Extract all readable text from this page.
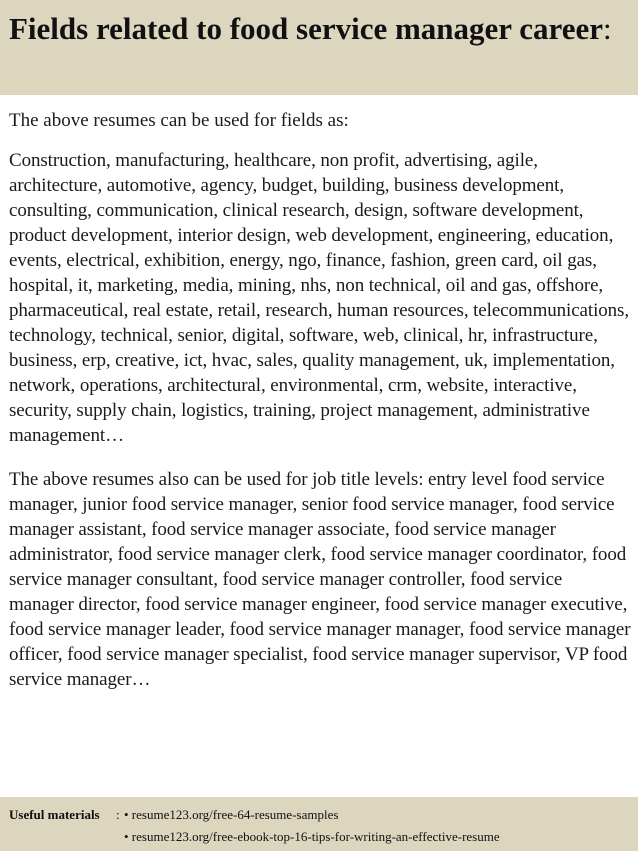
Fields related to food service manager career:

The above resumes can be used for fields as:

Construction, manufacturing, healthcare, non profit, advertising, agile, architecture, automotive, agency, budget, building, business development, consulting, communication, clinical research, design, software development, product development, interior design, web development, engineering, education, events, electrical, exhibition, energy, ngo, finance, fashion, green card, oil gas, hospital, it, marketing, media, mining, nhs, non technical, oil and gas, offshore, pharmaceutical, real estate, retail, research, human resources, telecommunications, technology, technical, senior, digital, software, web, clinical, hr, infrastructure, business, erp, creative, ict, hvac, sales, quality management, uk, implementation, network, operations, architectural, environmental, crm, website, interactive, security, supply chain, logistics, training, project management, administrative management…

The above resumes also can be used for job title levels: entry level food service manager, junior food service manager, senior food service manager, food service manager assistant, food service manager associate, food service manager administrator, food service manager clerk, food service manager coordinator, food service manager consultant, food service manager controller, food service manager director, food service manager engineer, food service manager executive, food service manager leader, food service manager manager, food service manager officer, food service manager specialist, food service manager supervisor, VP food service manager…

Useful materials : • resume123.org/free-64-resume-samples
• resume123.org/free-ebook-top-16-tips-for-writing-an-effective-resume
